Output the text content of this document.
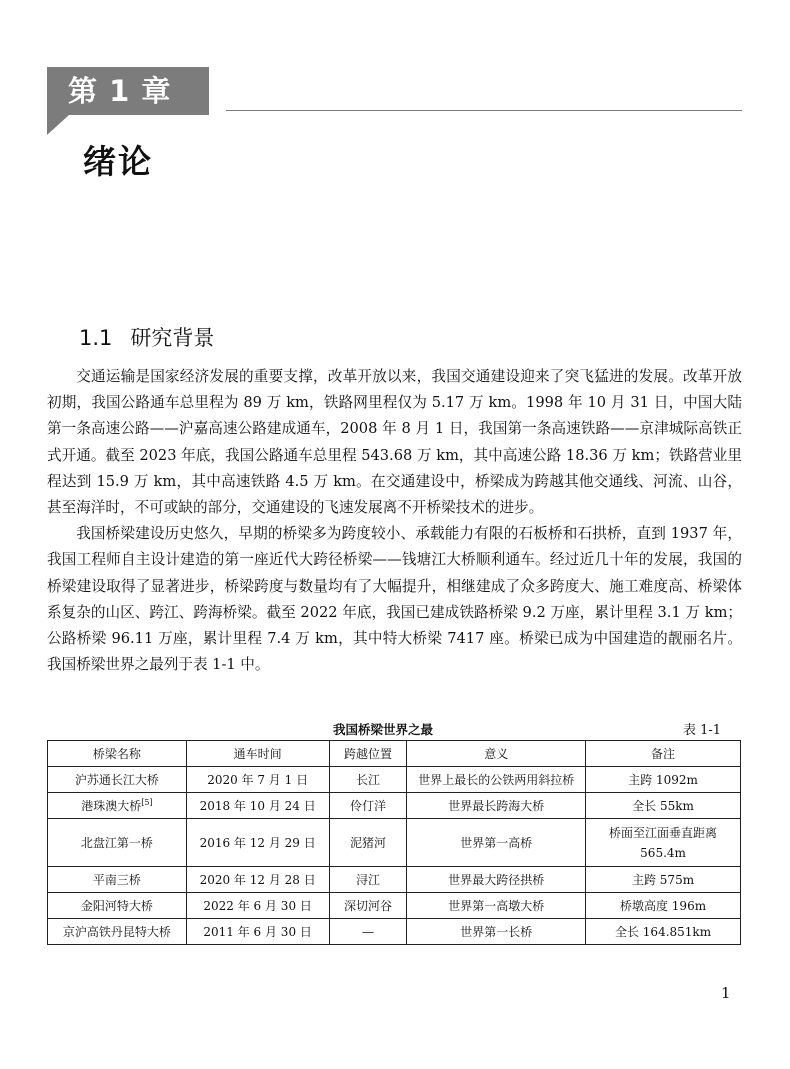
第 1 章
绪论
1.1 研究背景

交通运输是国家经济发展的重要支撑，改革开放以来，我国交通建设迎来了突飞猛进的发展。改革开放初期，我国公路通车总里程为 89 万 km，铁路网里程仅为 5.17 万 km。1998 年 10 月 31 日，中国大陆第一条高速公路——沪嘉高速公路建成通车，2008 年 8 月 1 日，我国第一条高速铁路——京津城际高铁正式开通。截至 2023 年底，我国公路通车总里程 543.68 万 km，其中高速公路 18.36 万 km；铁路营业里程达到 15.9 万 km，其中高速铁路 4.5 万 km。在交通建设中，桥梁成为跨越其他交通线、河流、山谷，甚至海洋时，不可或缺的部分，交通建设的飞速发展离不开桥梁技术的进步。

我国桥梁建设历史悠久，早期的桥梁多为跨度较小、承载能力有限的石板桥和石拱桥，直到 1937 年，我国工程师自主设计建造的第一座近代大跨径桥梁——钱塘江大桥顺利通车。经过近几十年的发展，我国的桥梁建设取得了显著进步，桥梁跨度与数量均有了大幅提升，相继建成了众多跨度大、施工难度高、桥梁体系复杂的山区、跨江、跨海桥梁。截至 2022 年底，我国已建成铁路桥梁 9.2 万座，累计里程 3.1 万 km；公路桥梁 96.11 万座，累计里程 7.4 万 km，其中特大桥梁 7417 座。桥梁已成为中国建造的靓丽名片。我国桥梁世界之最列于表 1-1 中。

我国桥梁世界之最	表 1-1
桥梁名称	通车时间	跨越位置	意义	备注
沪苏通长江大桥	2020 年 7 月 1 日	长江	世界上最长的公铁两用斜拉桥	主跨 1092m
港珠澳大桥[5]	2018 年 10 月 24 日	伶仃洋	世界最长跨海大桥	全长 55km
北盘江第一桥	2016 年 12 月 29 日	泥猪河	世界第一高桥	桥面至江面垂直距离 565.4m
平南三桥	2020 年 12 月 28 日	浔江	世界最大跨径拱桥	主跨 575m
金阳河特大桥	2022 年 6 月 30 日	深切河谷	世界第一高墩大桥	桥墩高度 196m
京沪高铁丹昆特大桥	2011 年 6 月 30 日	—	世界第一长桥	全长 164.851km
1
